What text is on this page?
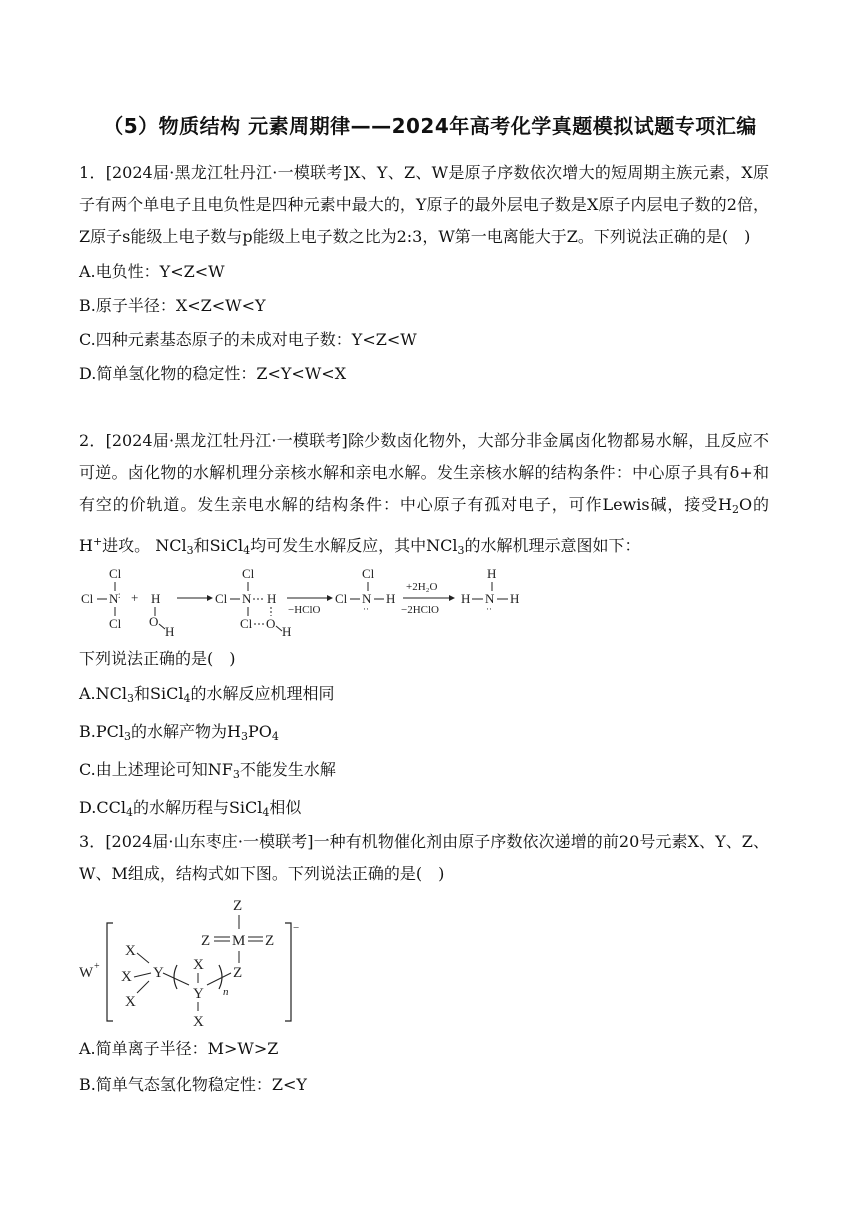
（5）物质结构 元素周期律——2024年高考化学真题模拟试题专项汇编
1．[2024届·黑龙江牡丹江·一模联考]X、Y、Z、W是原子序数依次增大的短周期主族元素，X原子有两个单电子且电负性是四种元素中最大的，Y原子的最外层电子数是X原子内层电子数的2倍，Z原子s能级上电子数与p能级上电子数之比为2:3，W第一电离能大于Z。下列说法正确的是(　)
A.电负性：Y<Z<W
B.原子半径：X<Z<W<Y
C.四种元素基态原子的未成对电子数：Y<Z<W
D.简单氢化物的稳定性：Z<Y<W<X
2．[2024届·黑龙江牡丹江·一模联考]除少数卤化物外，大部分非金属卤化物都易水解，且反应不可逆。卤化物的水解机理分亲核水解和亲电水解。发生亲核水解的结构条件：中心原子具有δ+和有空的价轨道。发生亲电水解的结构条件：中心原子有孤对电子，可作Lewis碱，接受$H_2O$的H+进攻。 NCl$_3$和SiCl$_4$均可发生水解反应，其中NCl$_3$的水解机理示意图如下：
Cl
Cl N :
Cl
+ H
O
H
Cl
Cl N H
Cl O
H
−HClO
Cl
Cl N
··
H
+2H₂O
−2HClO
H
H N
··
H
下列说法正确的是(　)
A.NCl$_3$和SiCl$_4$的水解反应机理相同
B.PCl$_3$的水解产物为$H_3PO_4$
C.由上述理论可知$NF_3$不能发生水解
D.CCl$_4$的水解历程与SiCl$_4$相似
3．[2024届·山东枣庄·一模联考]一种有机物催化剂由原子序数依次递增的前20号元素X、Y、Z、W、M组成，结构式如下图。下列说法正确的是(　)
W +
−
X
X
X
Y X
Y
X
n
Z
M
Z
Z	Z
A.简单离子半径：M>W>Z
B.简单气态氢化物稳定性：Z<Y
